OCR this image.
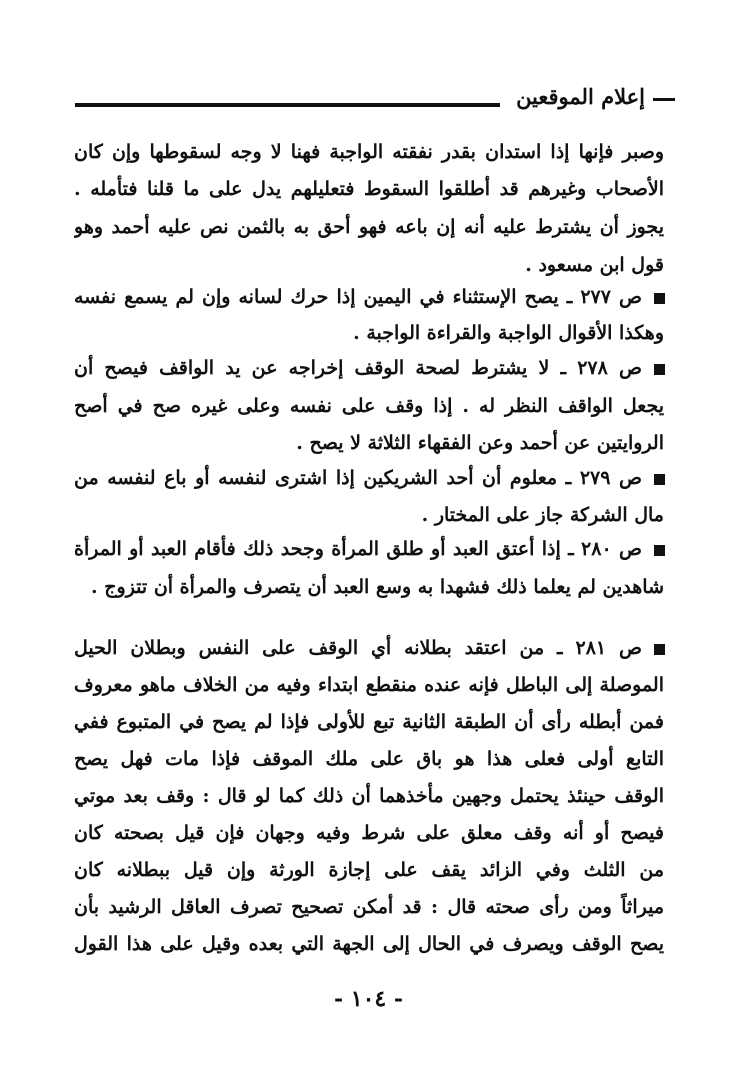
إعلام الموقعين
وصبر فإنها إذا استدان بقدر نفقته الواجبة فهنا لا وجه لسقوطها وإن كان
الأصحاب وغيرهم قد أطلقوا السقوط فتعليلهم يدل على ما قلنا فتأمله .
يجوز أن يشترط عليه أنه إن باعه فهو أحق به بالثمن نص عليه أحمد وهو
قول ابن مسعود .
ص ٢٧٧ ـ يصح الإستثناء في اليمين إذا حرك لسانه وإن لم يسمع نفسه
وهكذا الأقوال الواجبة والقراءة الواجبة .
ص ٢٧٨ ـ لا يشترط لصحة الوقف إخراجه عن يد الواقف فيصح أن
يجعل الواقف النظر له . إذا وقف على نفسه وعلى غيره صح في أصح
الروايتين عن أحمد وعن الفقهاء الثلاثة لا يصح .
ص ٢٧٩ ـ معلوم أن أحد الشريكين إذا اشترى لنفسه أو باع لنفسه من
مال الشركة جاز على المختار .
ص ٢٨٠ ـ إذا أعتق العبد أو طلق المرأة وجحد ذلك فأقام العبد أو المرأة
شاهدين لم يعلما ذلك فشهدا به وسع العبد أن يتصرف والمرأة أن تتزوج .
ص ٢٨١ ـ من اعتقد بطلانه أي الوقف على النفس وبطلان الحيل
الموصلة إلى الباطل فإنه عنده منقطع ابتداء وفيه من الخلاف ماهو معروف
فمن أبطله رأى أن الطبقة الثانية تبع للأولى فإذا لم يصح في المتبوع ففي
التابع أولى فعلى هذا هو باق على ملك الموقف فإذا مات فهل يصح
الوقف حينئذ يحتمل وجهين مأخذهما أن ذلك كما لو قال : وقف بعد موتي
فيصح أو أنه وقف معلق على شرط وفيه وجهان فإن قيل بصحته كان
من الثلث وفي الزائد يقف على إجازة الورثة وإن قيل ببطلانه كان
ميراثاً ومن رأى صحته قال : قد أمكن تصحيح تصرف العاقل الرشيد بأن
يصح الوقف ويصرف في الحال إلى الجهة التي بعده وقيل على هذا القول
- ١٠٤ -
